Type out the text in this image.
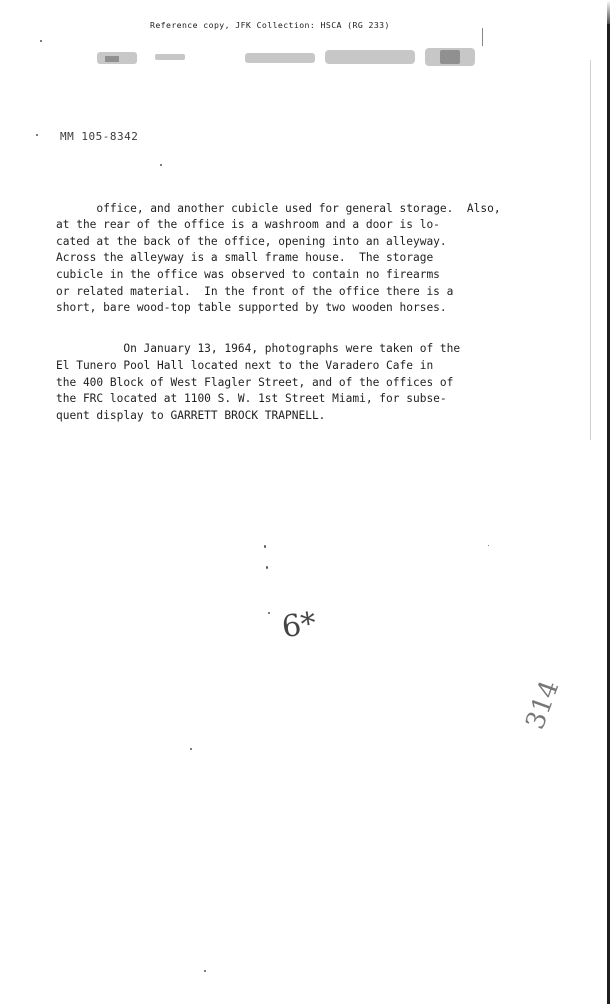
Reference copy, JFK Collection: HSCA (RG 233)
MM 105-8342

office, and another cubicle used for general storage.  Also,
at the rear of the office is a washroom and a door is lo-
cated at the back of the office, opening into an alleyway.
Across the alleyway is a small frame house.  The storage
cubicle in the office was observed to contain no firearms
or related material.  In the front of the office there is a
short, bare wood-top table supported by two wooden horses.

On January 13, 1964, photographs were taken of the
El Tunero Pool Hall located next to the Varadero Cafe in
the 400 Block of West Flagler Street, and of the offices of
the FRC located at 1100 S. W. 1st Street Miami, for subse-
quent display to GARRETT BROCK TRAPNELL.

6*
314
